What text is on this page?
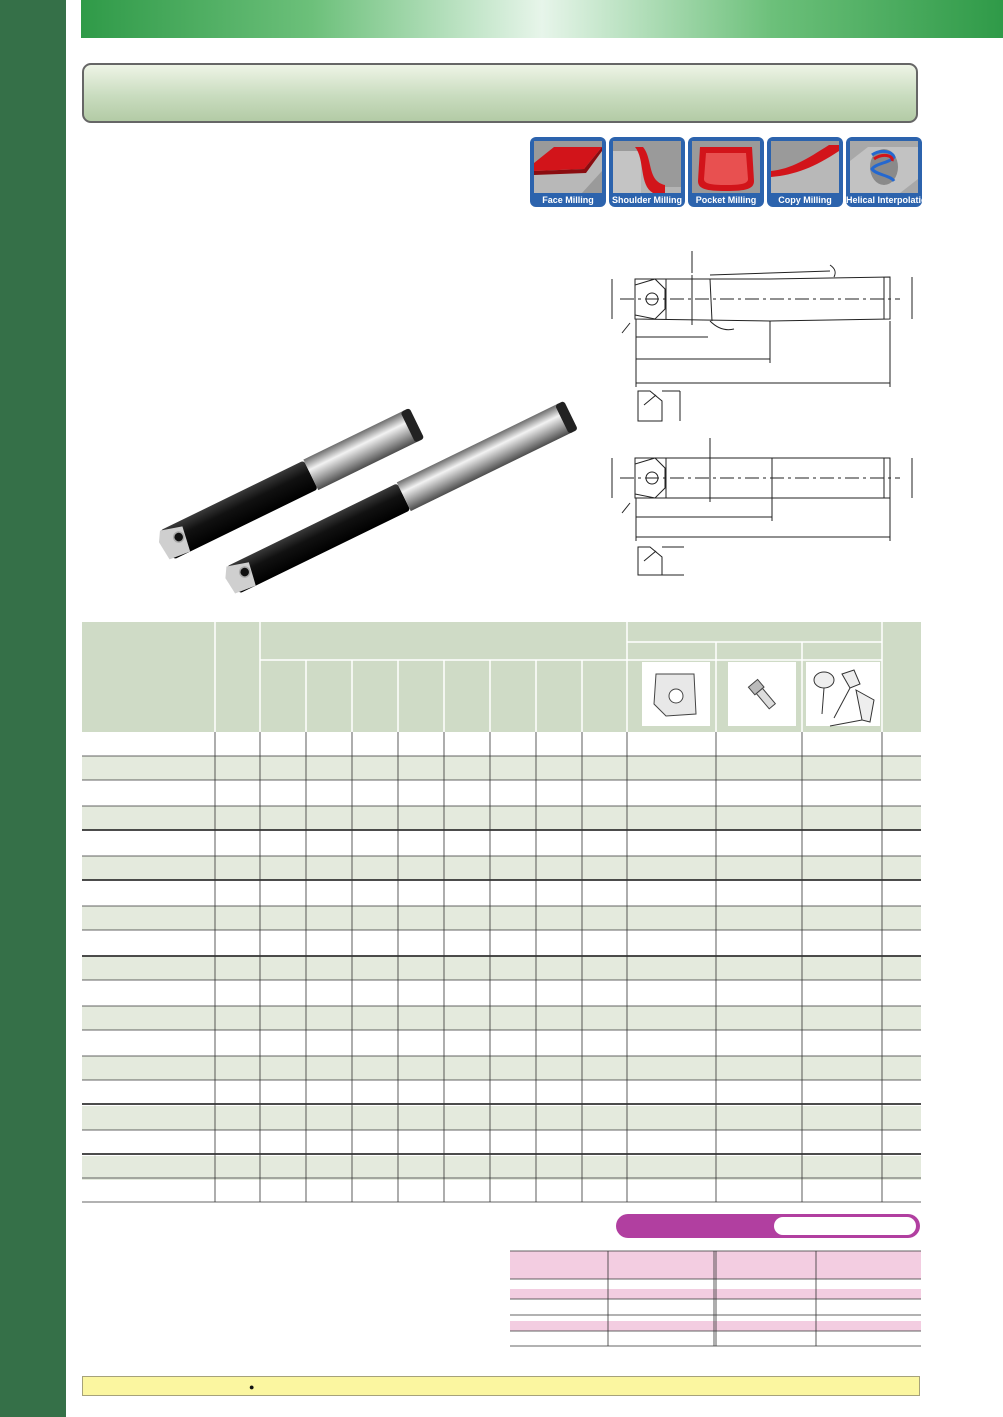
Face Milling	Shoulder Milling	Pocket Milling	Copy Milling	Helical Interpolation
●
